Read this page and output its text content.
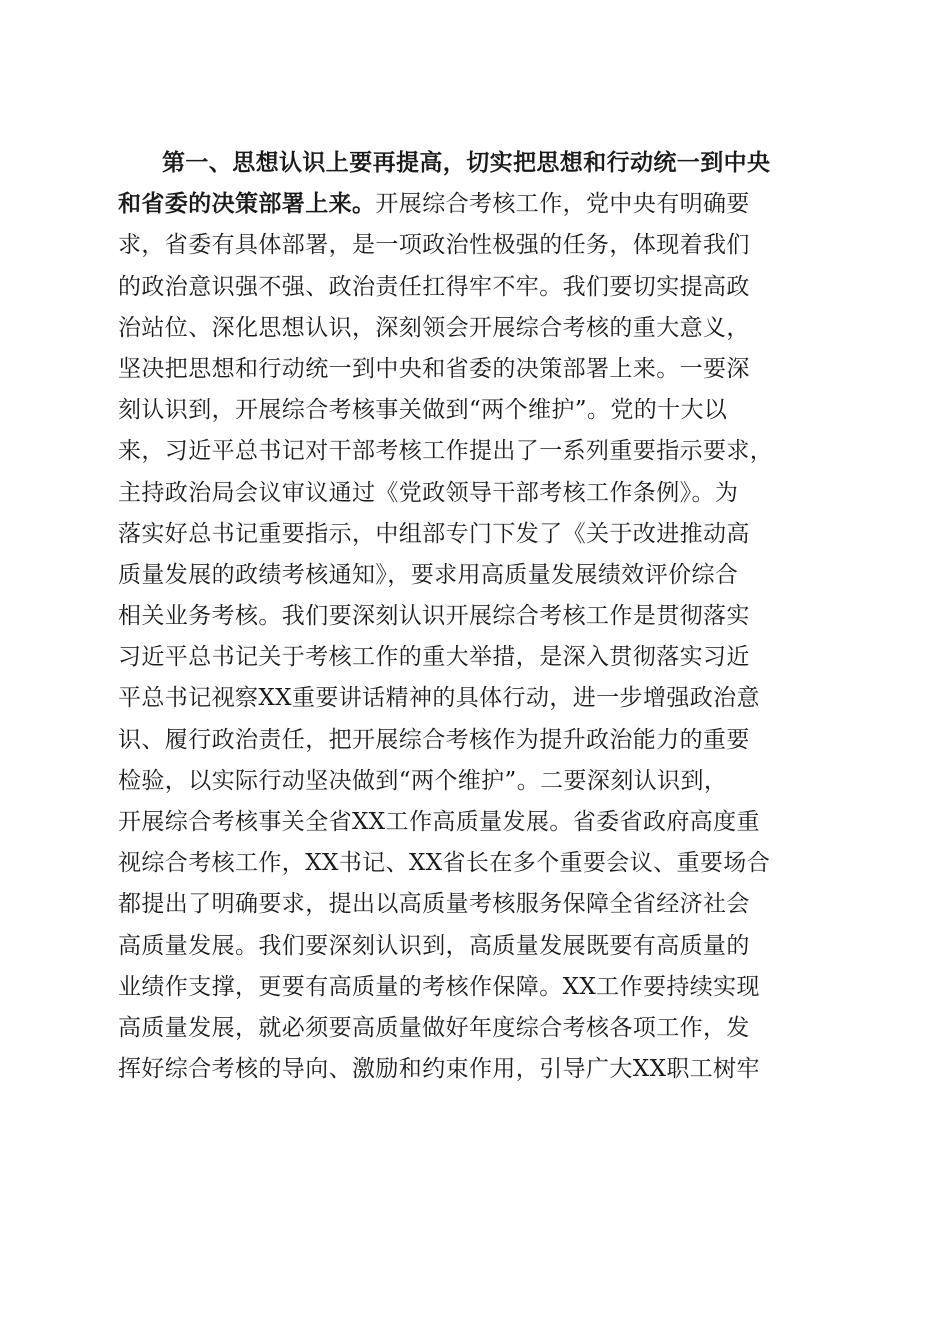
第一、思想认识上要再提高，切实把思想和行动统一到中央
和省委的决策部署上来。开展综合考核工作，党中央有明确要
求，省委有具体部署，是一项政治性极强的任务，体现着我们
的政治意识强不强、政治责任扛得牢不牢。我们要切实提高政
治站位、深化思想认识，深刻领会开展综合考核的重大意义，
坚决把思想和行动统一到中央和省委的决策部署上来。一要深
刻认识到，开展综合考核事关做到“两个维护”。党的十大以
来，习近平总书记对干部考核工作提出了一系列重要指示要求，
主持政治局会议审议通过《党政领导干部考核工作条例》。为
落实好总书记重要指示，中组部专门下发了《关于改进推动高
质量发展的政绩考核通知》，要求用高质量发展绩效评价综合
相关业务考核。我们要深刻认识开展综合考核工作是贯彻落实
习近平总书记关于考核工作的重大举措，是深入贯彻落实习近
平总书记视察XX重要讲话精神的具体行动，进一步增强政治意
识、履行政治责任，把开展综合考核作为提升政治能力的重要
检验，以实际行动坚决做到“两个维护”。二要深刻认识到，
开展综合考核事关全省XX工作高质量发展。省委省政府高度重
视综合考核工作，XX书记、XX省长在多个重要会议、重要场合
都提出了明确要求，提出以高质量考核服务保障全省经济社会
高质量发展。我们要深刻认识到，高质量发展既要有高质量的
业绩作支撑，更要有高质量的考核作保障。XX工作要持续实现
高质量发展，就必须要高质量做好年度综合考核各项工作，发
挥好综合考核的导向、激励和约束作用，引导广大XX职工树牢
